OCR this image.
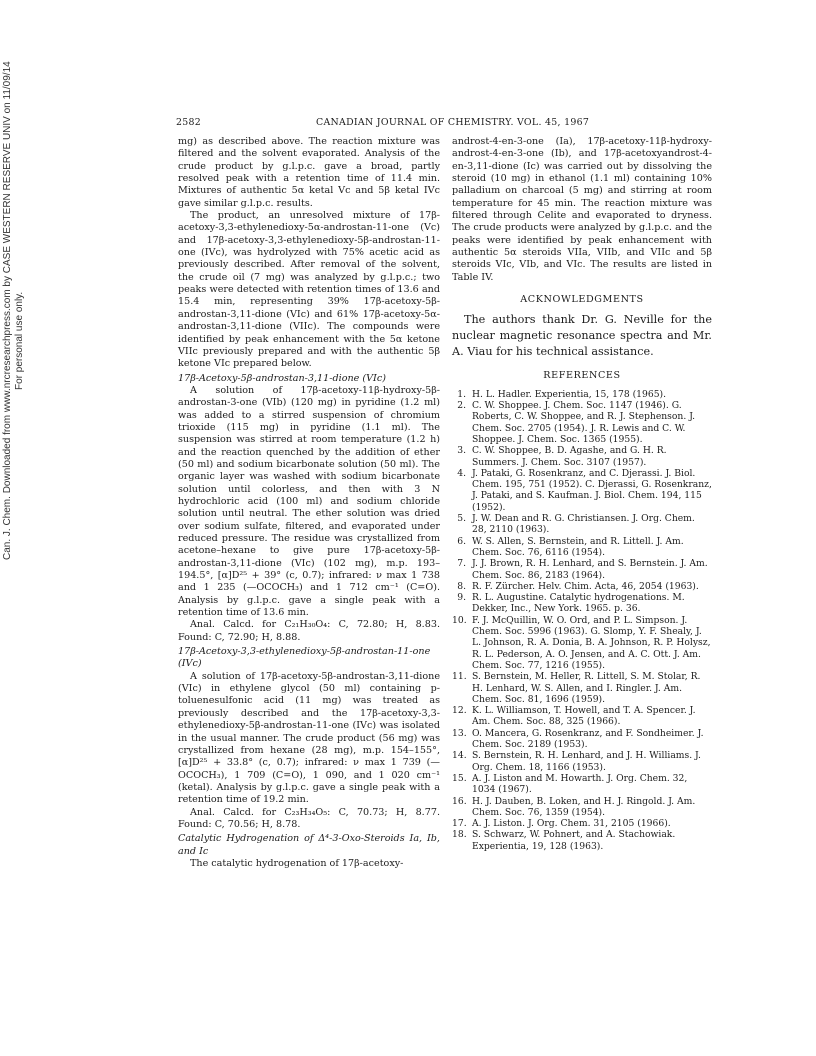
Can. J. Chem. Downloaded from www.nrcresearchpress.com by CASE WESTERN RESERVE UNIV on 11/09/14 For personal use only.
2582	CANADIAN JOURNAL OF CHEMISTRY. VOL. 45, 1967

mg) as described above. The reaction mixture was filtered and the solvent evaporated. Analysis of the crude product by g.l.p.c. gave a broad, partly resolved peak with a retention time of 11.4 min. Mixtures of authentic 5α ketal Vc and 5β ketal IVc gave similar g.l.p.c. results.

The product, an unresolved mixture of 17β-acetoxy-3,3-ethylenedioxy-5α-androstan-11-one (Vc) and 17β-acetoxy-3,3-ethylenedioxy-5β-androstan-11-one (IVc), was hydrolyzed with 75% acetic acid as previously described. After removal of the solvent, the crude oil (7 mg) was analyzed by g.l.p.c.; two peaks were detected with retention times of 13.6 and 15.4 min, representing 39% 17β-acetoxy-5β-androstan-3,11-dione (VIc) and 61% 17β-acetoxy-5α-androstan-3,11-dione (VIIc). The compounds were identified by peak enhancement with the 5α ketone VIIc previously prepared and with the authentic 5β ketone VIc prepared below.

17β-Acetoxy-5β-androstan-3,11-dione (VIc)

A solution of 17β-acetoxy-11β-hydroxy-5β-androstan-3-one (VIb) (120 mg) in pyridine (1.2 ml) was added to a stirred suspension of chromium trioxide (115 mg) in pyridine (1.1 ml). The suspension was stirred at room temperature (1.2 h) and the reaction quenched by the addition of ether (50 ml) and sodium bicarbonate solution (50 ml). The organic layer was washed with sodium bicarbonate solution until colorless, and then with 3 N hydrochloric acid (100 ml) and sodium chloride solution until neutral. The ether solution was dried over sodium sulfate, filtered, and evaporated under reduced pressure. The residue was crystallized from acetone–hexane to give pure 17β-acetoxy-5β-androstan-3,11-dione (VIc) (102 mg), m.p. 193–194.5°, [α]D²⁵ + 39° (c, 0.7); infrared: ν max 1 738 and 1 235 (—OCOCH₃) and 1 712 cm⁻¹ (C=O). Analysis by g.l.p.c. gave a single peak with a retention time of 13.6 min.

Anal. Calcd. for C₂₁H₃₀O₄: C, 72.80; H, 8.83. Found: C, 72.90; H, 8.88.

17β-Acetoxy-3,3-ethylenedioxy-5β-androstan-11-one (IVc)

A solution of 17β-acetoxy-5β-androstan-3,11-dione (VIc) in ethylene glycol (50 ml) containing p-toluenesulfonic acid (11 mg) was treated as previously described and the 17β-acetoxy-3,3-ethylenedioxy-5β-androstan-11-one (IVc) was isolated in the usual manner. The crude product (56 mg) was crystallized from hexane (28 mg), m.p. 154–155°, [α]D²⁵ + 33.8° (c, 0.7); infrared: ν max 1 739 (—OCOCH₃), 1 709 (C=O), 1 090, and 1 020 cm⁻¹ (ketal). Analysis by g.l.p.c. gave a single peak with a retention time of 19.2 min.

Anal. Calcd. for C₂₃H₃₄O₅: C, 70.73; H, 8.77. Found: C, 70.56; H, 8.78.

Catalytic Hydrogenation of Δ⁴-3-Oxo-Steroids Ia, Ib, and Ic

The catalytic hydrogenation of 17β-acetoxy-

androst-4-en-3-one (Ia), 17β-acetoxy-11β-hydroxy-androst-4-en-3-one (Ib), and 17β-acetoxyandrost-4-en-3,11-dione (Ic) was carried out by dissolving the steroid (10 mg) in ethanol (1.1 ml) containing 10% palladium on charcoal (5 mg) and stirring at room temperature for 45 min. The reaction mixture was filtered through Celite and evaporated to dryness. The crude products were analyzed by g.l.p.c. and the peaks were identified by peak enhancement with authentic 5α steroids VIIa, VIIb, and VIIc and 5β steroids VIc, VIb, and VIc. The results are listed in Table IV.

ACKNOWLEDGMENTS

The authors thank Dr. G. Neville for the nuclear magnetic resonance spectra and Mr. A. Viau for his technical assistance.

REFERENCES
1. H. L. Hadler. Experientia, 15, 178 (1965).
2. C. W. Shoppee. J. Chem. Soc. 1147 (1946). G. Roberts, C. W. Shoppee, and R. J. Stephenson. J. Chem. Soc. 2705 (1954). J. R. Lewis and C. W. Shoppee. J. Chem. Soc. 1365 (1955).
3. C. W. Shoppee, B. D. Agashe, and G. H. R. Summers. J. Chem. Soc. 3107 (1957).
4. J. Pataki, G. Rosenkranz, and C. Djerassi. J. Biol. Chem. 195, 751 (1952). C. Djerassi, G. Rosenkranz, J. Pataki, and S. Kaufman. J. Biol. Chem. 194, 115 (1952).
5. J. W. Dean and R. G. Christiansen. J. Org. Chem. 28, 2110 (1963).
6. W. S. Allen, S. Bernstein, and R. Littell. J. Am. Chem. Soc. 76, 6116 (1954).
7. J. J. Brown, R. H. Lenhard, and S. Bernstein. J. Am. Chem. Soc. 86, 2183 (1964).
8. R. F. Zürcher. Helv. Chim. Acta, 46, 2054 (1963).
9. R. L. Augustine. Catalytic hydrogenations. M. Dekker, Inc., New York. 1965. p. 36.
10. F. J. McQuillin, W. O. Ord, and P. L. Simpson. J. Chem. Soc. 5996 (1963). G. Slomp, Y. F. Shealy, J. L. Johnson, R. A. Donia, B. A. Johnson, R. P. Holysz, R. L. Pederson, A. O. Jensen, and A. C. Ott. J. Am. Chem. Soc. 77, 1216 (1955).
11. S. Bernstein, M. Heller, R. Littell, S. M. Stolar, R. H. Lenhard, W. S. Allen, and I. Ringler. J. Am. Chem. Soc. 81, 1696 (1959).
12. K. L. Williamson, T. Howell, and T. A. Spencer. J. Am. Chem. Soc. 88, 325 (1966).
13. O. Mancera, G. Rosenkranz, and F. Sondheimer. J. Chem. Soc. 2189 (1953).
14. S. Bernstein, R. H. Lenhard, and J. H. Williams. J. Org. Chem. 18, 1166 (1953).
15. A. J. Liston and M. Howarth. J. Org. Chem. 32, 1034 (1967).
16. H. J. Dauben, B. Loken, and H. J. Ringold. J. Am. Chem. Soc. 76, 1359 (1954).
17. A. J. Liston. J. Org. Chem. 31, 2105 (1966).
18. S. Schwarz, W. Pohnert, and A. Stachowiak. Experientia, 19, 128 (1963).
